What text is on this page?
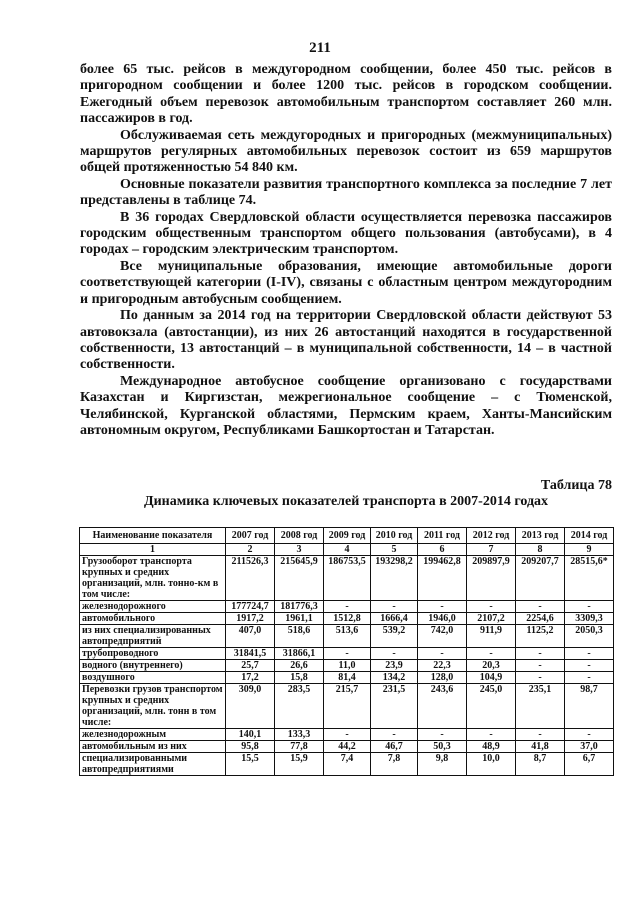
211

более 65 тыс. рейсов в междугородном сообщении, более 450 тыс. рейсов в пригородном сообщении и более 1200 тыс. рейсов в городском сообщении. Ежегодный объем перевозок автомобильным транспортом составляет 260 млн. пассажиров в год.

Обслуживаемая сеть междугородных и пригородных (межмуниципальных) маршрутов регулярных автомобильных перевозок состоит из 659 маршрутов общей протяженностью 54 840 км.

Основные показатели развития транспортного комплекса за последние 7 лет представлены в таблице 74.

В 36 городах Свердловской области осуществляется перевозка пассажиров городским общественным транспортом общего пользования (автобусами), в 4 городах – городским электрическим транспортом.

Все муниципальные образования, имеющие автомобильные дороги соответствующей категории (I-IV), связаны с областным центром междугородним и пригородным автобусным сообщением.

По данным за 2014 год на территории Свердловской области действуют 53 автовокзала (автостанции), из них 26 автостанций находятся в государственной собственности, 13 автостанций – в муниципальной собственности, 14 – в частной собственности.

Международное автобусное сообщение организовано с государствами Казахстан и Киргизстан, межрегиональное сообщение – с Тюменской, Челябинской, Курганской областями, Пермским краем, Ханты-Мансийским автономным округом, Республиками Башкортостан и Татарстан.

Таблица 78
Динамика ключевых показателей транспорта в 2007-2014 годах
Наименование показателя	2007 год	2008 год	2009 год	2010 год	2011 год	2012 год	2013 год	2014 год
1	2	3	4	5	6	7	8	9
Грузооборот транспорта крупных и средних организаций, млн. тонно-км в том числе:	211526,3	215645,9	186753,5	193298,2	199462,8	209897,9	209207,7	28515,6*
железнодорожного	177724,7	181776,3	-	-	-	-	-	-
автомобильного	1917,2	1961,1	1512,8	1666,4	1946,0	2107,2	2254,6	3309,3
из них специализированных автопредприятий	407,0	518,6	513,6	539,2	742,0	911,9	1125,2	2050,3
трубопроводного	31841,5	31866,1	-	-	-	-	-	-
водного (внутреннего)	25,7	26,6	11,0	23,9	22,3	20,3	-	-
воздушного	17,2	15,8	81,4	134,2	128,0	104,9	-	-
Перевозки грузов транспортом крупных и средних организаций, млн. тонн в том числе:	309,0	283,5	215,7	231,5	243,6	245,0	235,1	98,7
железнодорожным	140,1	133,3	-	-	-	-	-	-
автомобильным из них	95,8	77,8	44,2	46,7	50,3	48,9	41,8	37,0
специализированными автопредприятиями	15,5	15,9	7,4	7,8	9,8	10,0	8,7	6,7
